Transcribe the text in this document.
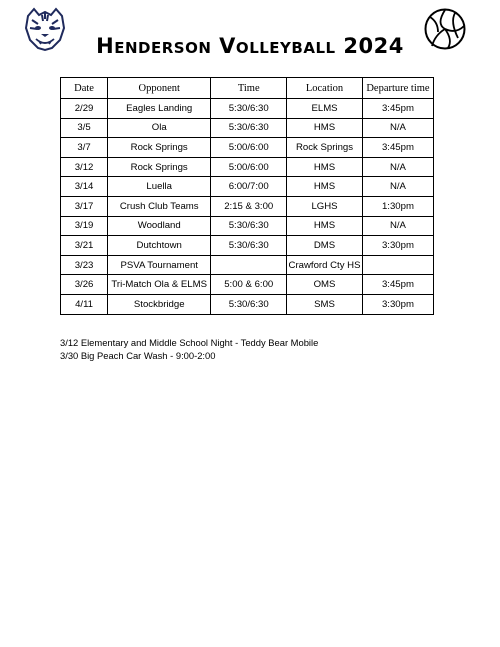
Henderson Volleyball 2024
Date	Opponent	Time	Location	Departure time
2/29	Eagles Landing	5:30/6:30	ELMS	3:45pm
3/5	Ola	5:30/6:30	HMS	N/A
3/7	Rock Springs	5:00/6:00	Rock Springs	3:45pm
3/12	Rock Springs	5:00/6:00	HMS	N/A
3/14	Luella	6:00/7:00	HMS	N/A
3/17	Crush Club Teams	2:15 & 3:00	LGHS	1:30pm
3/19	Woodland	5:30/6:30	HMS	N/A
3/21	Dutchtown	5:30/6:30	DMS	3:30pm
3/23	PSVA Tournament		Crawford Cty HS	
3/26	Tri-Match Ola & ELMS	5:00 & 6:00	OMS	3:45pm
4/11	Stockbridge	5:30/6:30	SMS	3:30pm
3/12 Elementary and Middle School Night - Teddy Bear Mobile
3/30 Big Peach Car Wash - 9:00-2:00
